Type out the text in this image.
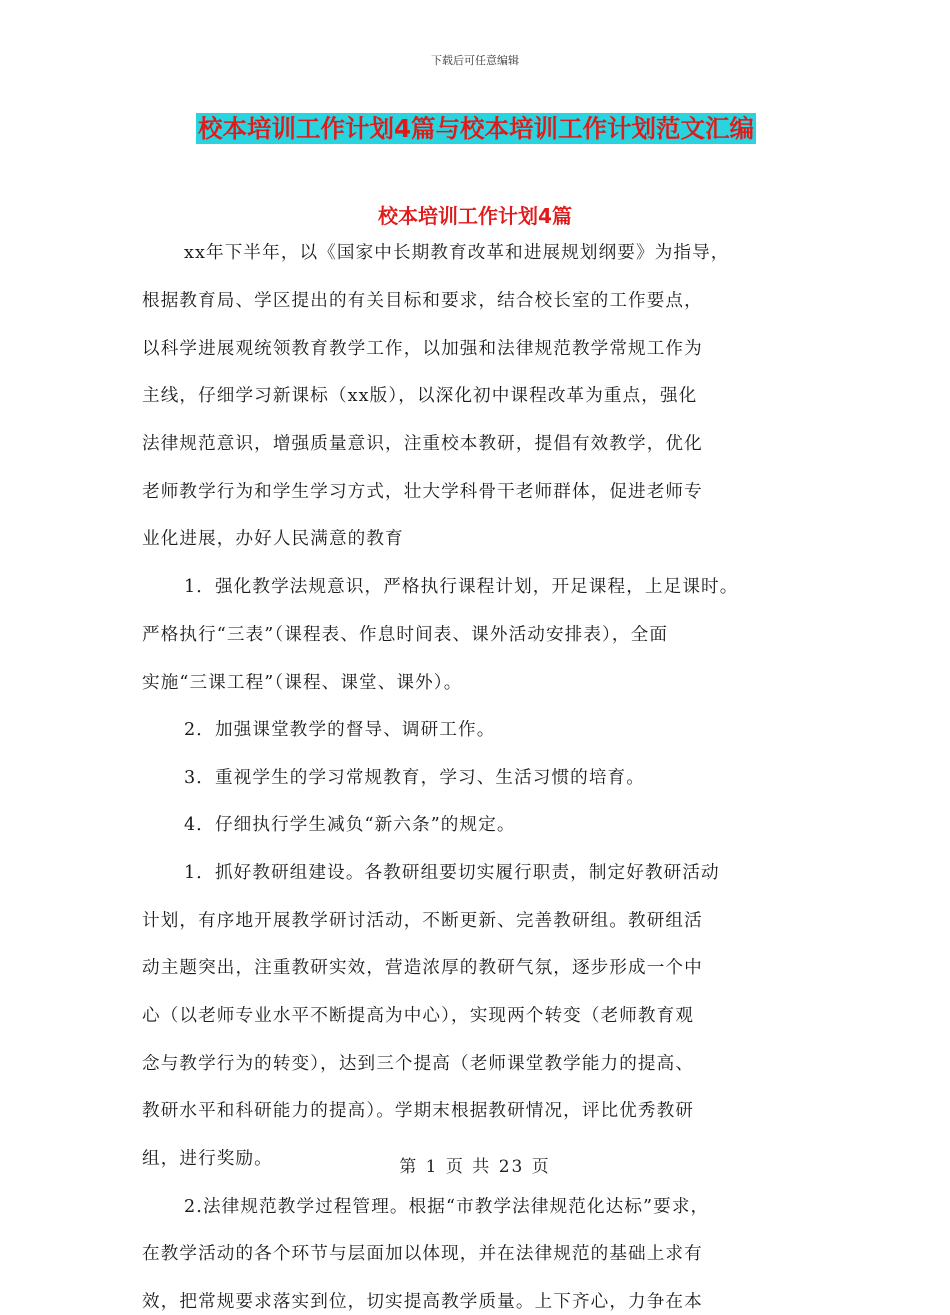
下载后可任意编辑
校本培训工作计划4篇与校本培训工作计划范文汇编
校本培训工作计划4篇
xx年下半年，以《国家中长期教育改革和进展规划纲要》为指导，
根据教育局、学区提出的有关目标和要求，结合校长室的工作要点，
以科学进展观统领教育教学工作，以加强和法律规范教学常规工作为
主线，仔细学习新课标（xx版），以深化初中课程改革为重点，强化
法律规范意识，增强质量意识，注重校本教研，提倡有效教学，优化
老师教学行为和学生学习方式，壮大学科骨干老师群体，促进老师专
业化进展，办好人民满意的教育
1．强化教学法规意识，严格执行课程计划，开足课程，上足课时。
严格执行“三表”（课程表、作息时间表、课外活动安排表），全面
实施“三课工程”（课程、课堂、课外）。
2．加强课堂教学的督导、调研工作。
3．重视学生的学习常规教育，学习、生活习惯的培育。
4．仔细执行学生减负“新六条”的规定。
1．抓好教研组建设。各教研组要切实履行职责，制定好教研活动
计划，有序地开展教学研讨活动，不断更新、完善教研组。教研组活
动主题突出，注重教研实效，营造浓厚的教研气氛，逐步形成一个中
心（以老师专业水平不断提高为中心），实现两个转变（老师教育观
念与教学行为的转变），达到三个提高（老师课堂教学能力的提高、
教研水平和科研能力的提高）。学期末根据教研情况，评比优秀教研
组，进行奖励。
2.法律规范教学过程管理。根据“市教学法律规范化达标”要求，
在教学活动的各个环节与层面加以体现，并在法律规范的基础上求有
效，把常规要求落实到位，切实提高教学质量。上下齐心，力争在本
第 1 页 共 23 页
